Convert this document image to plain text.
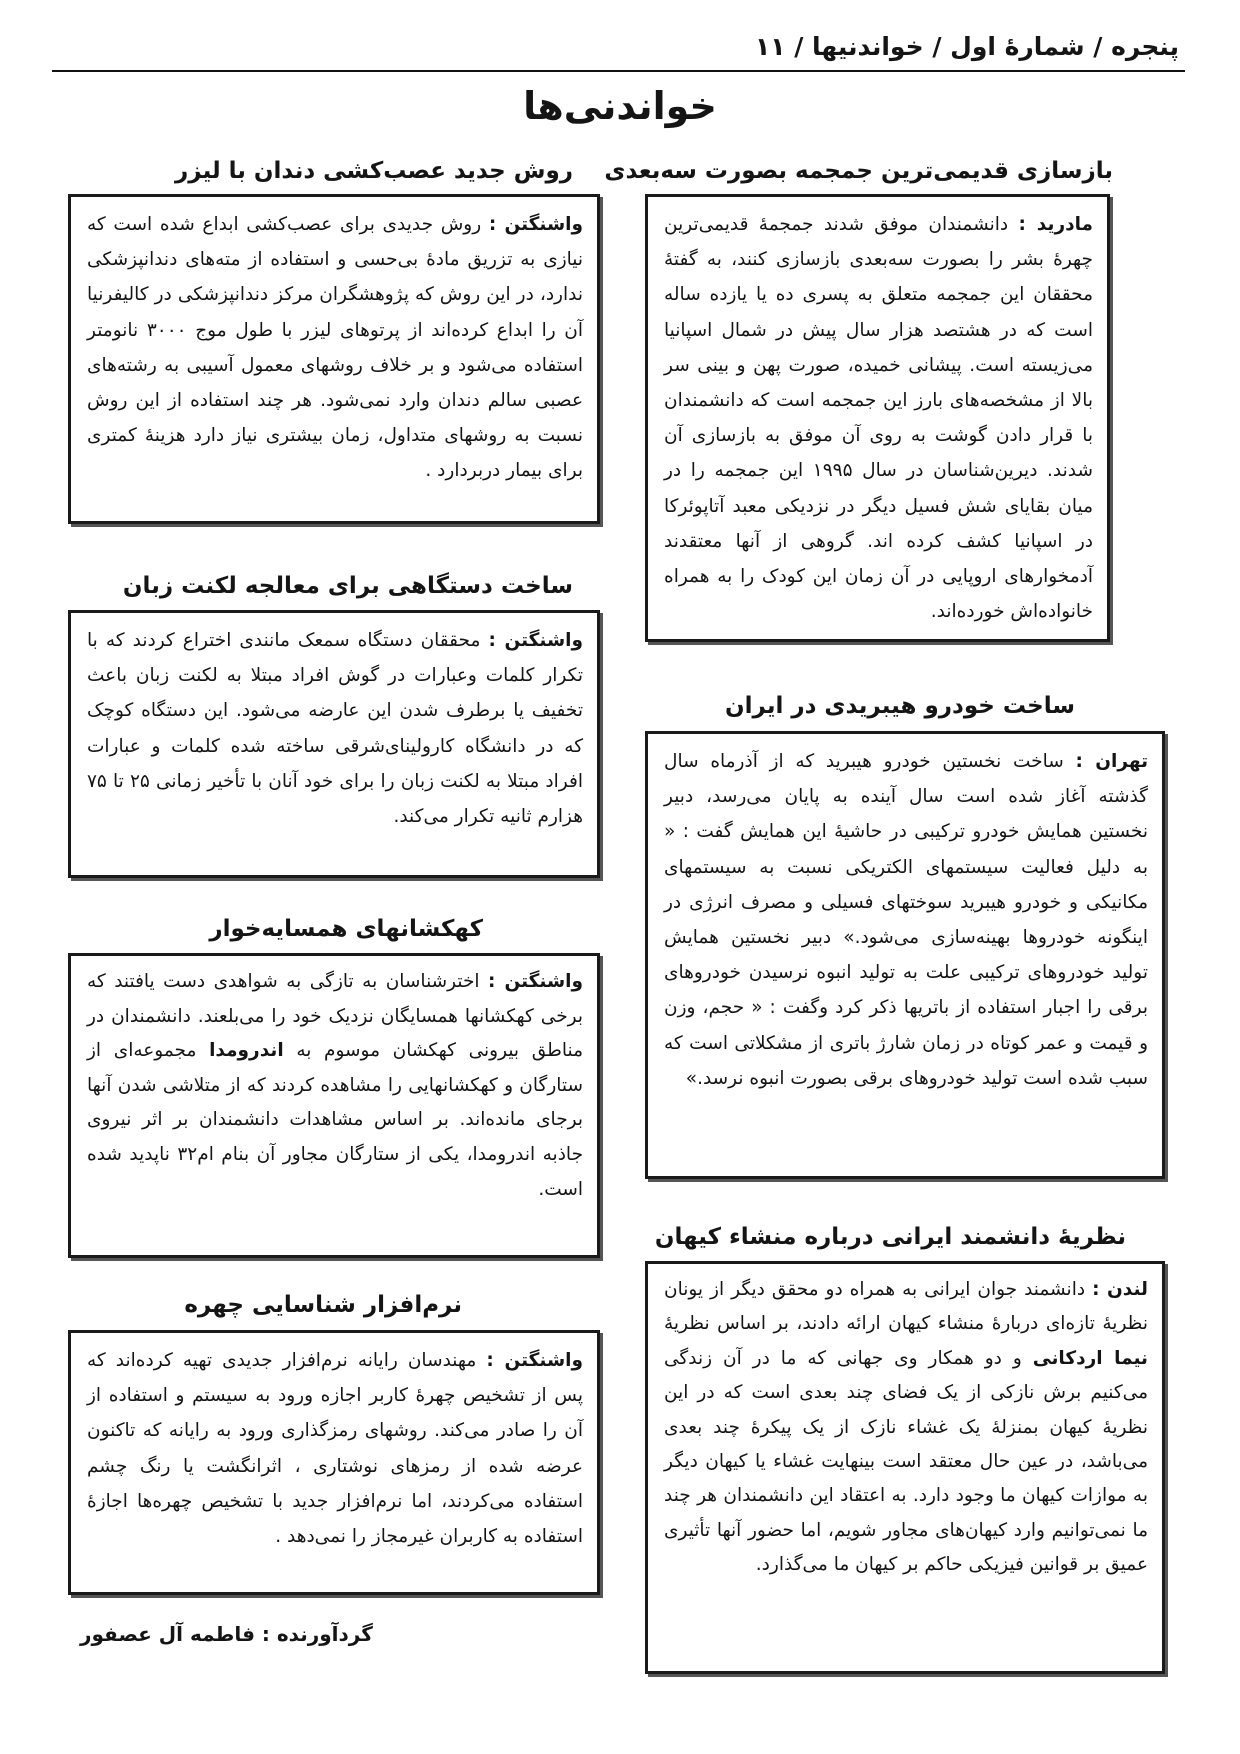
پنجره / شمارهٔ اول / خواندنیها / ۱۱
خواندنی‌ها
بازسازی قدیمی‌ترین جمجمه بصورت سه‌بعدی

مادرید : دانشمندان موفق شدند جمجمهٔ قدیمی‌ترین چهرهٔ بشر را بصورت سه‌بعدی بازسازی کنند، به گفتهٔ محققان این جمجمه متعلق به پسری ده یا یازده ساله است که در هشتصد هزار سال پیش در شمال اسپانیا می‌زیسته است. پیشانی خمیده، صورت پهن و بینی سر بالا از مشخصه‌های بارز این جمجمه است که دانشمندان با قرار دادن گوشت به روی آن موفق به بازسازی آن شدند. دیرین‌شناسان در سال ۱۹۹۵ این جمجمه را در میان بقایای شش فسیل دیگر در نزدیکی معبد آتاپوئرکا در اسپانیا کشف کرده اند. گروهی از آنها معتقدند آدمخوارهای اروپایی در آن زمان این کودک را به همراه خانواده‌اش خورده‌اند.

ساخت خودرو هیبریدی در ایران

تهران : ساخت نخستین خودرو هیبرید که از آذرماه سال گذشته آغاز شده است سال آینده به پایان می‌رسد، دبیر نخستین همایش خودرو ترکیبی در حاشیهٔ این همایش گفت : « به دلیل فعالیت سیستمهای الکتریکی نسبت به سیستمهای مکانیکی و خودرو هیبرید سوختهای فسیلی و مصرف انرژی در اینگونه خودروها بهینه‌سازی می‌شود.» دبیر نخستین همایش تولید خودروهای ترکیبی علت به تولید انبوه نرسیدن خودروهای برقی را اجبار استفاده از باتریها ذکر کرد وگفت : « حجم، وزن و قیمت و عمر کوتاه در زمان شارژ باتری از مشکلاتی است که سبب شده است تولید خودروهای برقی بصورت انبوه نرسد.»

نظریهٔ دانشمند ایرانی درباره منشاء کیهان

لندن : دانشمند جوان ایرانی به همراه دو محقق دیگر از یونان نظریهٔ تازه‌ای دربارهٔ منشاء کیهان ارائه دادند، بر اساس نظریهٔ نیما اردکانی و دو همکار وی جهانی که ما در آن زندگی می‌کنیم برش نازکی از یک فضای چند بعدی است که در این نظریهٔ کیهان بمنزلهٔ یک غشاء نازک از یک پیکرهٔ چند بعدی می‌باشد، در عین حال معتقد است بینهایت غشاء یا کیهان دیگر به موازات کیهان ما وجود دارد. به اعتقاد این دانشمندان هر چند ما نمی‌توانیم وارد کیهان‌های مجاور شویم، اما حضور آنها تأثیری عمیق بر قوانین فیزیکی حاکم بر کیهان ما می‌گذارد.

روش جدید عصب‌کشی دندان با لیزر

واشنگتن : روش جدیدی برای عصب‌کشی ابداع شده است که نیازی به تزریق مادهٔ بی‌حسی و استفاده از مته‌های دندانپزشکی ندارد، در این روش که پژوهشگران مرکز دندانپزشکی در کالیفرنیا آن را ابداع کرده‌اند از پرتوهای لیزر با طول موج ۳۰۰۰ نانومتر استفاده می‌شود و بر خلاف روشهای معمول آسیبی به رشته‌های عصبی سالم دندان وارد نمی‌شود. هر چند استفاده از این روش نسبت به روشهای متداول، زمان بیشتری نیاز دارد هزینهٔ کمتری برای بیمار دربردارد .

ساخت دستگاهی برای معالجه لکنت زبان

واشنگتن : محققان دستگاه سمعک مانندی اختراع کردند که با تکرار کلمات وعبارات در گوش افراد مبتلا به لکنت زبان باعث تخفیف یا برطرف شدن این عارضه می‌شود. این دستگاه کوچک که در دانشگاه کارولینای‌شرقی ساخته شده کلمات و عبارات افراد مبتلا به لکنت زبان را برای خود آنان با تأخیر زمانی ۲۵ تا ۷۵ هزارم ثانیه تکرار می‌کند.

کهکشانهای همسایه‌خوار

واشنگتن : اخترشناسان به تازگی به شواهدی دست یافتند که برخی کهکشانها همسایگان نزدیک خود را می‌بلعند. دانشمندان در مناطق بیرونی کهکشان موسوم به اندرومدا مجموعه‌ای از ستارگان و کهکشانهایی را مشاهده کردند که از متلاشی شدن آنها برجای مانده‌اند. بر اساس مشاهدات دانشمندان بر اثر نیروی جاذبه اندرومدا، یکی از ستارگان مجاور آن بنام ام۳۲ ناپدید شده است.

نرم‌افزار شناسایی چهره

واشنگتن : مهندسان رایانه نرم‌افزار جدیدی تهیه کرده‌اند که پس از تشخیص چهرهٔ کاربر اجازه ورود به سیستم و استفاده از آن را صادر می‌کند. روشهای رمزگذاری ورود به رایانه که تاکنون عرضه شده از رمزهای نوشتاری ، اثرانگشت یا رنگ چشم استفاده می‌کردند، اما نرم‌افزار جدید با تشخیص چهره‌ها اجازهٔ استفاده به کاربران غیرمجاز را نمی‌دهد .

گردآورنده : فاطمه آل عصفور
